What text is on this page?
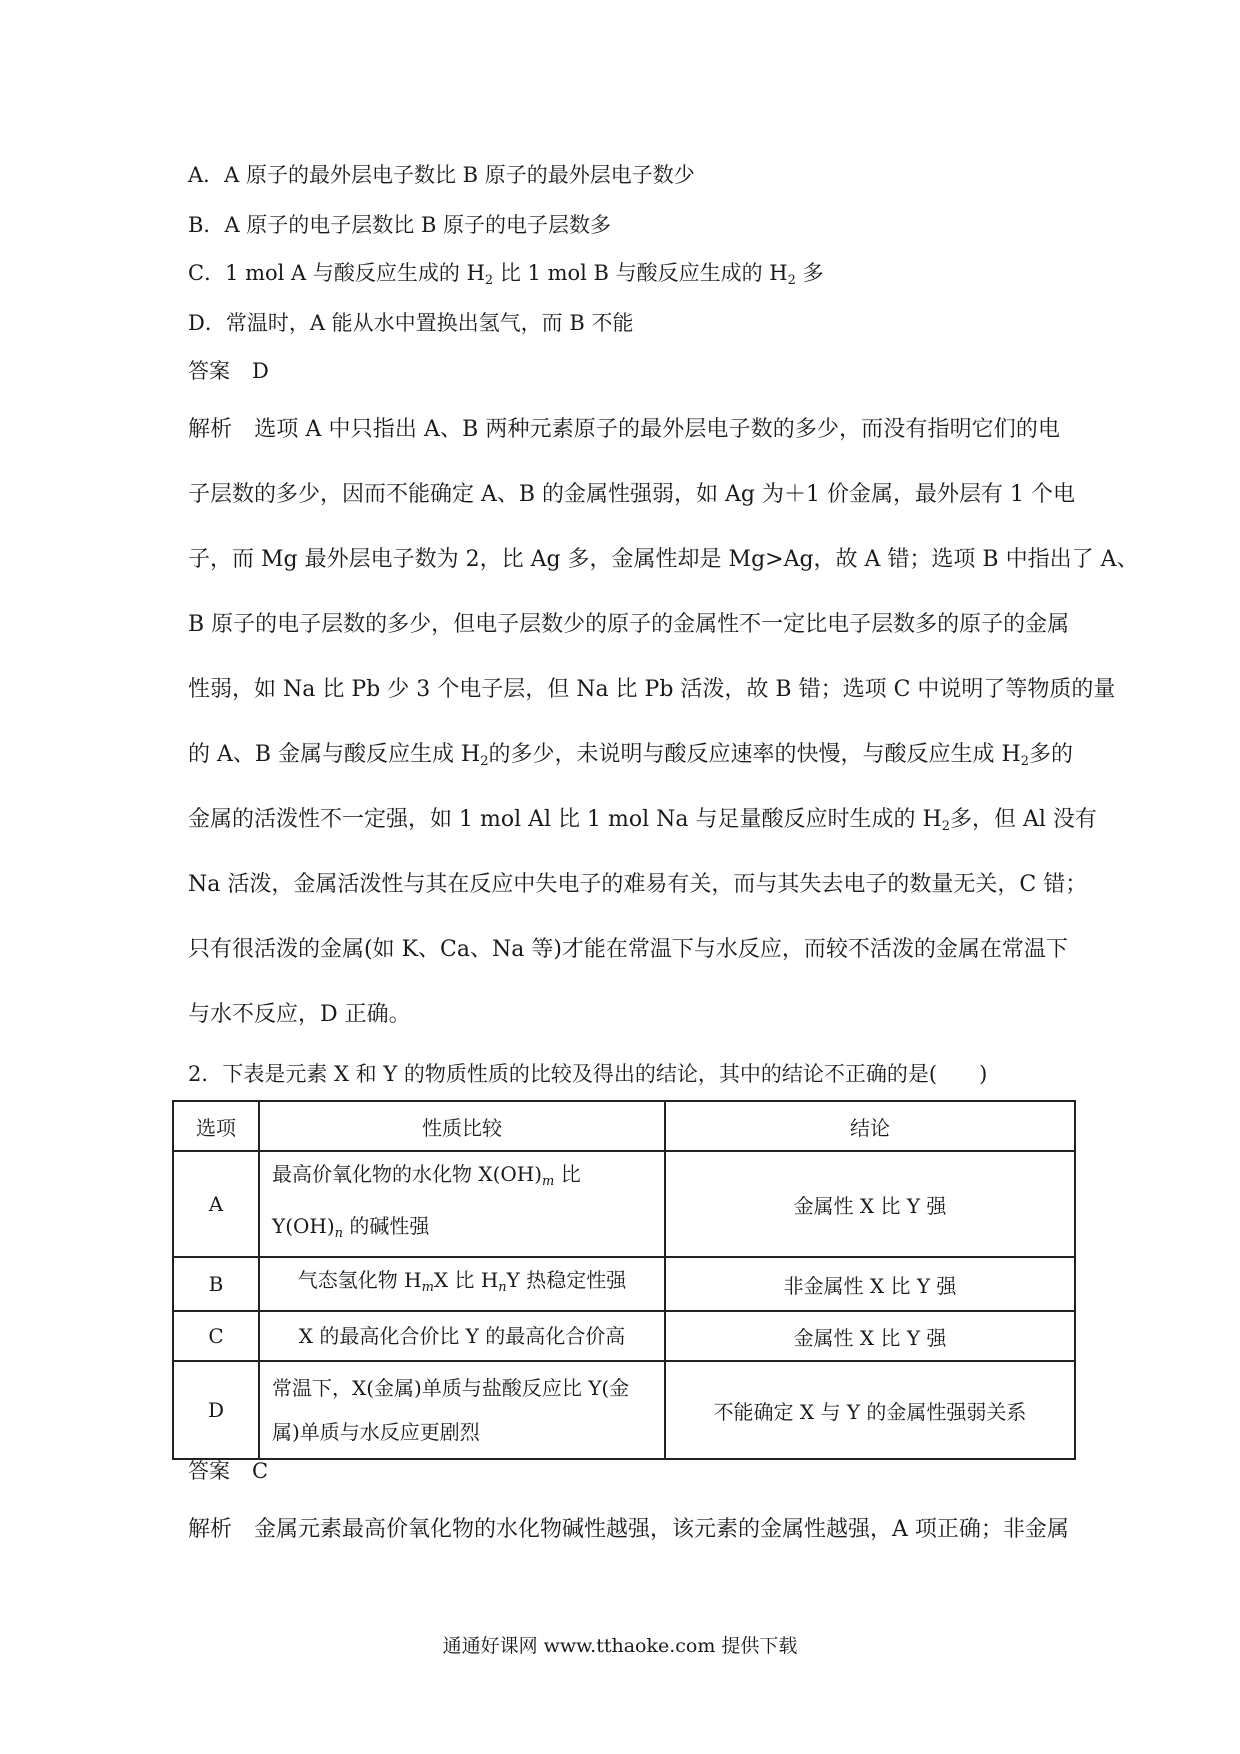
A．A 原子的最外层电子数比 B 原子的最外层电子数少
B．A 原子的电子层数比 B 原子的电子层数多
C．1 mol A 与酸反应生成的 $H_2$ 比 1 mol B 与酸反应生成的 $H_2$ 多
D．常温时，A 能从水中置换出氢气，而 B 不能
答案 D
解析 选项 A 中只指出 A、B 两种元素原子的最外层电子数的多少，而没有指明它们的电
子层数的多少，因而不能确定 A、B 的金属性强弱，如 Ag 为＋1 价金属，最外层有 1 个电
子，而 Mg 最外层电子数为 2，比 Ag 多，金属性却是 Mg>Ag，故 A 错；选项 B 中指出了 A、
B 原子的电子层数的多少，但电子层数少的原子的金属性不一定比电子层数多的原子的金属
性弱，如 Na 比 Pb 少 3 个电子层，但 Na 比 Pb 活泼，故 B 错；选项 C 中说明了等物质的量
的 A、B 金属与酸反应生成 $H_2$的多少，未说明与酸反应速率的快慢，与酸反应生成 $H_2$多的
金属的活泼性不一定强，如 1 mol Al 比 1 mol Na 与足量酸反应时生成的 $H_2$多，但 Al 没有
Na 活泼，金属活泼性与其在反应中失电子的难易有关，而与其失去电子的数量无关，C 错；
只有很活泼的金属(如 K、Ca、Na 等)才能在常温下与水反应，而较不活泼的金属在常温下
与水不反应，D 正确。
2．下表是元素 X 和 Y 的物质性质的比较及得出的结论，其中的结论不正确的是(　　)
选项	性质比较	结论
A	最高价氧化物的水化物 $X(OH)_m$ 比
$Y(OH)_n$ 的碱性强	金属性 X 比 Y 强
B	气态氢化物 $H_mX$ 比 $H_nY$ 热稳定性强	非金属性 X 比 Y 强
C	X 的最高化合价比 Y 的最高化合价高	金属性 X 比 Y 强
D	常温下，X(金属)单质与盐酸反应比 Y(金
属)单质与水反应更剧烈	不能确定 X 与 Y 的金属性强弱关系
答案 C
解析 金属元素最高价氧化物的水化物碱性越强，该元素的金属性越强，A 项正确；非金属
通通好课网 www.tthaoke.com 提供下载
